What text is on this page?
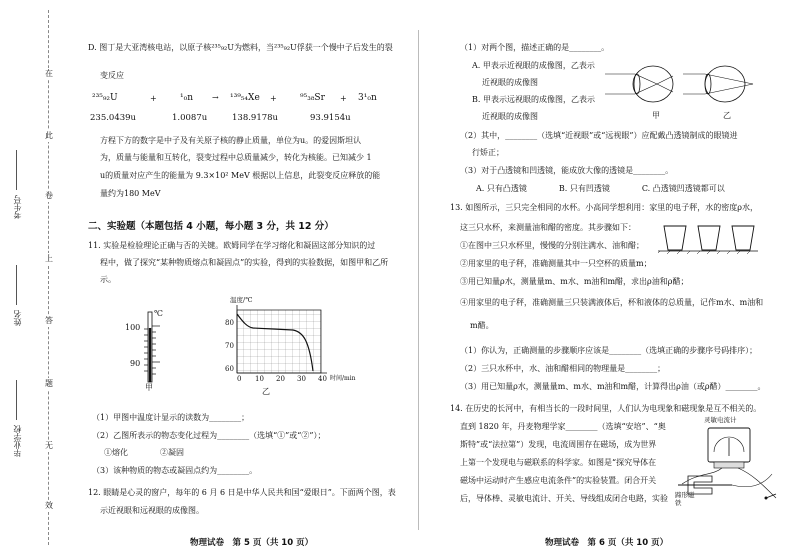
在
此
卷
上
答
题
无
效
考生号
姓名
毕业学校
D. 图丁是大亚湾核电站，以原子核²³⁵₉₂U为燃料，当²³⁵₉₂U俘获一个慢中子后发生的裂
变反应
²³⁵₉₂U	+	¹₀n → ¹³⁹₅₄Xe +	⁹⁵₃₈Sr + 3¹₀n
235.0439u	1.0087u	138.9178u	93.9154u
方程下方的数字是中子及有关原子核的静止质量，单位为u。的爱因斯坦认
为，质量与能量和互转化，裂变过程中总质量减少，转化为核能。已知减少 1
u的质量对应产生的能量为 9.3×10² MeV 根据以上信息，此裂变反应释放的能
量约为180 MeV
二、实验题（本题包括 4 小题，每小题 3 分，共 12 分）
11. 实验是检验理论正确与否的关键。欧姆同学在学习熔化和凝固这部分知识的过
程中，做了探究“某种物质熔点和凝固点”的实验，得到的实验数据，如图甲和乙所
示。
℃
100
90
甲
温度/℃
80
70
60
0 10 20 30 40 时间/min
乙
（1）甲图中温度计显示的读数为________；
（2）乙图所表示的物态变化过程为________（选填“①”或“②”）；
①熔化　　　　②凝固
（3）该种物质的物态或凝固点约为________。
12. 眼睛是心灵的窗户，每年的 6 月 6 日是中华人民共和国“爱眼日”。下面两个图，表
示近视眼和远视眼的成像图。
物理试卷　第 5 页（共 10 页）
（1）对两个图，描述正确的是________。
A. 甲表示近视眼的成像图，乙表示
近视眼的成像图
B. 甲表示远视眼的成像图，乙表示
近视眼的成像图	甲	乙
（2）其中，________（选填“近视眼”或“远视眼”）应配戴凸透镜制成的眼镜进
行矫正；
（3）对于凸透镜和凹透镜，能成放大像的透镜是________。
A. 只有凸透镜　　　　B. 只有凹透镜　　　　C. 凸透镜凹透镜都可以
13. 如图所示，三只完全相同的水杯。小高同学想利用：家里的电子秤，水的密度ρ水，
这三只水杯，来测量油和醋的密度。其步骤如下：
①在图中三只水杯里，慢慢的分别注满水、油和醋；
②用家里的电子秤，准确测量其中一只空杯的质量m；
③用已知量ρ水，测量量m、m水、m油和m醋，求出ρ油和ρ醋；
④用家里的电子秤，准确测量三只装满液体后，杯和液体的总质量，记作m水、m油和
m醋。
（1）你认为，正确测量的步骤顺序应该是________（选填正确的步骤序号码排序）；
（2）三只水杯中，水、油和醋相同的物理量是________；
（3）用已知量ρ水，测量量m、m水、m油和m醋，计算得出ρ油（或ρ醋）________。
14. 在历史的长河中，有相当长的一段时间里，人们认为电现象和磁现象是互不相关的。
直到 1820 年，丹麦物理学家________（选填“安培”、“奥
斯特”或“法拉第”）发现，电流周围存在磁场，成为世界
上第一个发现电与磁联系的科学家。如图是“探究导体在
磁场中运动时产生感应电流条件”的实验装置。闭合开关
后，导体棒、灵敏电流计、开关、导线组成闭合电路，实验
灵敏电流计
蹄形磁铁
物理试卷　第 6 页（共 10 页）
